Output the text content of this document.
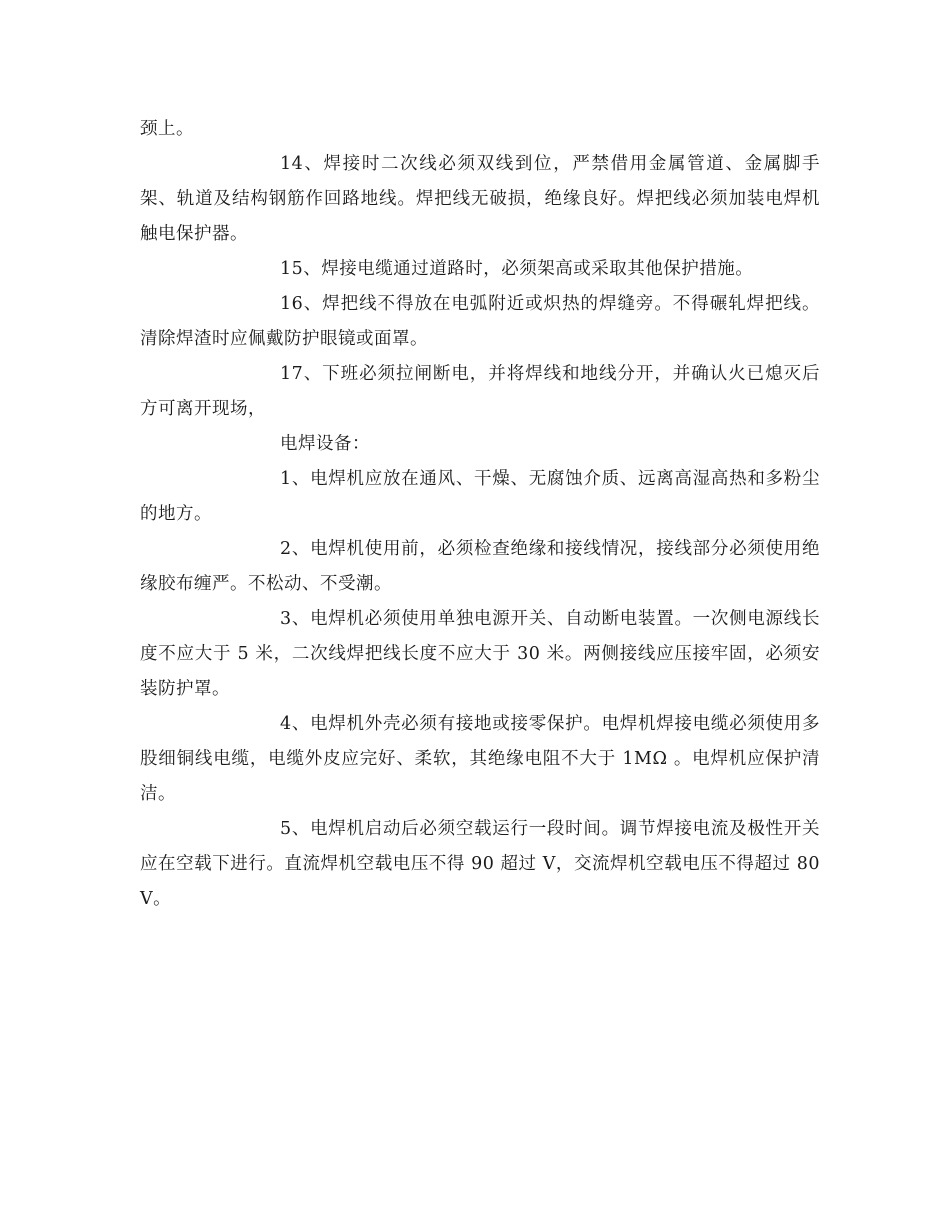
颈上。

14、焊接时二次线必须双线到位，严禁借用金属管道、金属脚手架、轨道及结构钢筋作回路地线。焊把线无破损，绝缘良好。焊把线必须加装电焊机触电保护器。

15、焊接电缆通过道路时，必须架高或采取其他保护措施。

16、焊把线不得放在电弧附近或炽热的焊缝旁。不得碾轧焊把线。清除焊渣时应佩戴防护眼镜或面罩。

17、下班必须拉闸断电，并将焊线和地线分开，并确认火已熄灭后方可离开现场，

电焊设备：

1、电焊机应放在通风、干燥、无腐蚀介质、远离高湿高热和多粉尘的地方。

2、电焊机使用前，必须检查绝缘和接线情况，接线部分必须使用绝缘胶布缠严。不松动、不受潮。

3、电焊机必须使用单独电源开关、自动断电装置。一次侧电源线长度不应大于 5 米，二次线焊把线长度不应大于 30 米。两侧接线应压接牢固，必须安装防护罩。

4、电焊机外壳必须有接地或接零保护。电焊机焊接电缆必须使用多股细铜线电缆，电缆外皮应完好、柔软，其绝缘电阻不大于 1MΩ 。电焊机应保护清洁。

5、电焊机启动后必须空载运行一段时间。调节焊接电流及极性开关应在空载下进行。直流焊机空载电压不得 90 超过 V，交流焊机空载电压不得超过 80V。
